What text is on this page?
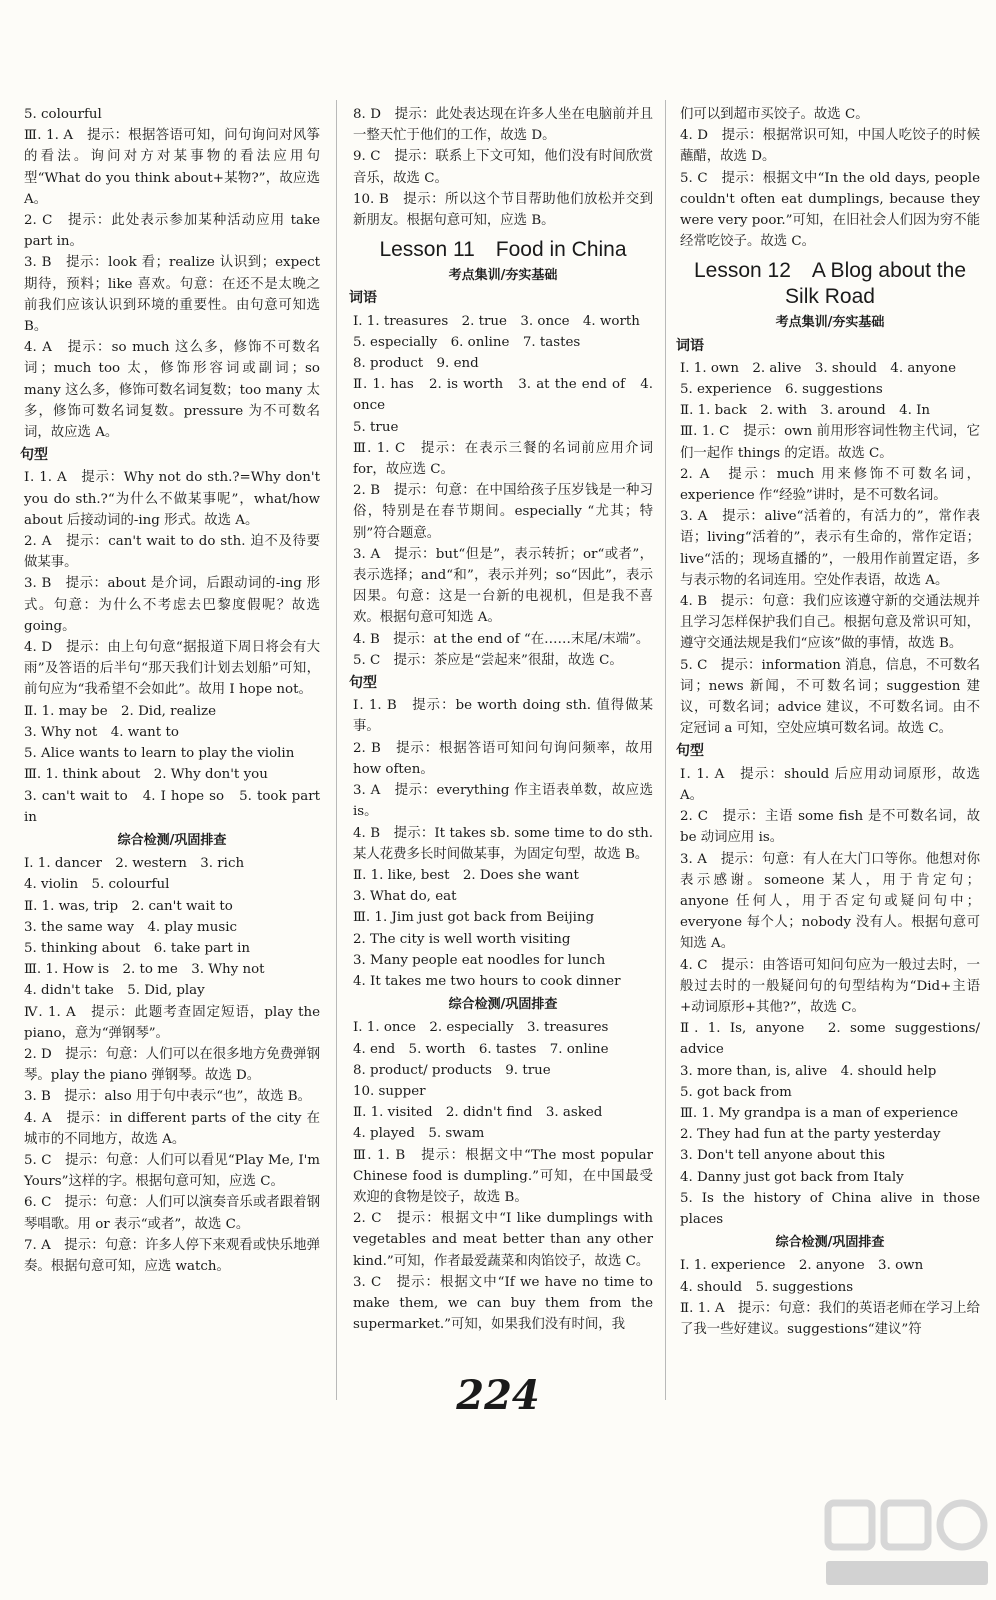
5. colourful
Ⅲ. 1. A　提示：根据答语可知，问句询问对风筝的看法。询问对方对某事物的看法应用句型“What do you think about+某物?”，故应选 A。
2. C　提示：此处表示参加某种活动应用 take part in。
3. B　提示：look 看；realize 认识到；expect 期待，预料；like 喜欢。句意：在还不是太晚之前我们应该认识到环境的重要性。由句意可知选 B。
4. A　提示：so much 这么多，修饰不可数名词；much too 太，修饰形容词或副词；so many 这么多，修饰可数名词复数；too many 太多，修饰可数名词复数。pressure 为不可数名词，故应选 A。
句型
Ⅰ. 1. A　提示：Why not do sth.?=Why don't you do sth.?“为什么不做某事呢”，what/how about 后接动词的-ing 形式。故选 A。
2. A　提示：can't wait to do sth. 迫不及待要做某事。
3. B　提示：about 是介词，后跟动词的-ing 形式。句意：为什么不考虑去巴黎度假呢？故选 going。
4. D　提示：由上句句意“据报道下周日将会有大雨”及答语的后半句“那天我们计划去划船”可知，前句应为“我希望不会如此”。故用 I hope not。
Ⅱ. 1. may be　2. Did, realize
3. Why not　4. want to
5. Alice wants to learn to play the violin
Ⅲ. 1. think about　2. Why don't you
3. can't wait to　4. I hope so　5. took part in
综合检测/巩固排查
Ⅰ. 1. dancer　2. western　3. rich
4. violin　5. colourful
Ⅱ. 1. was, trip　2. can't wait to
3. the same way　4. play music
5. thinking about　6. take part in
Ⅲ. 1. How is　2. to me　3. Why not
4. didn't take　5. Did, play
Ⅳ. 1. A　提示：此题考查固定短语，play the piano，意为“弹钢琴”。
2. D　提示：句意：人们可以在很多地方免费弹钢琴。play the piano 弹钢琴。故选 D。
3. B　提示：also 用于句中表示“也”，故选 B。
4. A　提示：in different parts of the city 在城市的不同地方，故选 A。
5. C　提示：句意：人们可以看见“Play Me, I'm Yours”这样的字。根据句意可知，应选 C。
6. C　提示：句意：人们可以演奏音乐或者跟着钢琴唱歌。用 or 表示“或者”，故选 C。
7. A　提示：句意：许多人停下来观看或快乐地弹奏。根据句意可知，应选 watch。
8. D　提示：此处表达现在许多人坐在电脑前并且一整天忙于他们的工作，故选 D。
9. C　提示：联系上下文可知，他们没有时间欣赏音乐，故选 C。
10. B　提示：所以这个节目帮助他们放松并交到新朋友。根据句意可知，应选 B。
Lesson 11　Food in China
考点集训/夯实基础
词语
Ⅰ. 1. treasures　2. true　3. once　4. worth
5. especially　6. online　7. tastes
8. product　9. end
Ⅱ. 1. has　2. is worth　3. at the end of　4. once
5. true
Ⅲ. 1. C　提示：在表示三餐的名词前应用介词 for，故应选 C。
2. B　提示：句意：在中国给孩子压岁钱是一种习俗，特别是在春节期间。especially “尤其；特别”符合题意。
3. A　提示：but“但是”，表示转折；or“或者”，表示选择；and“和”，表示并列；so“因此”，表示因果。句意：这是一台新的电视机，但是我不喜欢。根据句意可知选 A。
4. B　提示：at the end of “在……末尾/末端”。
5. C　提示：茶应是“尝起来”很甜，故选 C。
句型
Ⅰ. 1. B　提示：be worth doing sth. 值得做某事。
2. B　提示：根据答语可知问句询问频率，故用 how often。
3. A　提示：everything 作主语表单数，故应选 is。
4. B　提示：It takes sb. some time to do sth. 某人花费多长时间做某事，为固定句型，故选 B。
Ⅱ. 1. like, best　2. Does she want
3. What do, eat
Ⅲ. 1. Jim just got back from Beijing
2. The city is well worth visiting
3. Many people eat noodles for lunch
4. It takes me two hours to cook dinner
综合检测/巩固排查
Ⅰ. 1. once　2. especially　3. treasures
4. end　5. worth　6. tastes　7. online
8. product/ products　9. true
10. supper
Ⅱ. 1. visited　2. didn't find　3. asked
4. played　5. swam
Ⅲ. 1. B　提示：根据文中“The most popular Chinese food is dumpling.”可知，在中国最受欢迎的食物是饺子，故选 B。
2. C　提示：根据文中“I like dumplings with vegetables and meat better than any other kind.”可知，作者最爱蔬菜和肉馅饺子，故选 C。
3. C　提示：根据文中“If we have no time to make them, we can buy them from the supermarket.”可知，如果我们没有时间，我
们可以到超市买饺子。故选 C。
4. D　提示：根据常识可知，中国人吃饺子的时候蘸醋，故选 D。
5. C　提示：根据文中“In the old days, people couldn't often eat dumplings, because they were very poor.”可知，在旧社会人们因为穷不能经常吃饺子。故选 C。
Lesson 12　A Blog about the Silk Road
考点集训/夯实基础
词语
Ⅰ. 1. own　2. alive　3. should　4. anyone
5. experience　6. suggestions
Ⅱ. 1. back　2. with　3. around　4. In
Ⅲ. 1. C　提示：own 前用形容词性物主代词，它们一起作 things 的定语。故选 C。
2. A　提示：much 用来修饰不可数名词，experience 作“经验”讲时，是不可数名词。
3. A　提示：alive“活着的，有活力的”，常作表语；living“活着的”，表示有生命的，常作定语；live“活的；现场直播的”，一般用作前置定语，多与表示物的名词连用。空处作表语，故选 A。
4. B　提示：句意：我们应该遵守新的交通法规并且学习怎样保护我们自己。根据句意及常识可知，遵守交通法规是我们“应该”做的事情，故选 B。
5. C　提示：information 消息，信息，不可数名词；news 新闻，不可数名词；suggestion 建议，可数名词；advice 建议，不可数名词。由不定冠词 a 可知，空处应填可数名词。故选 C。
句型
Ⅰ. 1. A　提示：should 后应用动词原形，故选 A。
2. C　提示：主语 some fish 是不可数名词，故 be 动词应用 is。
3. A　提示：句意：有人在大门口等你。他想对你表示感谢。someone 某人，用于肯定句；anyone 任何人，用于否定句或疑问句中；everyone 每个人；nobody 没有人。根据句意可知选 A。
4. C　提示：由答语可知问句应为一般过去时，一般过去时的一般疑问句的句型结构为“Did+主语+动词原形+其他?”，故选 C。
Ⅱ. 1. Is, anyone　2. some suggestions/ advice
3. more than, is, alive　4. should help
5. got back from
Ⅲ. 1. My grandpa is a man of experience
2. They had fun at the party yesterday
3. Don't tell anyone about this
4. Danny just got back from Italy
5. Is the history of China alive in those places
综合检测/巩固排查
Ⅰ. 1. experience　2. anyone　3. own
4. should　5. suggestions
Ⅱ. 1. A　提示：句意：我们的英语老师在学习上给了我一些好建议。suggestions“建议”符
224
